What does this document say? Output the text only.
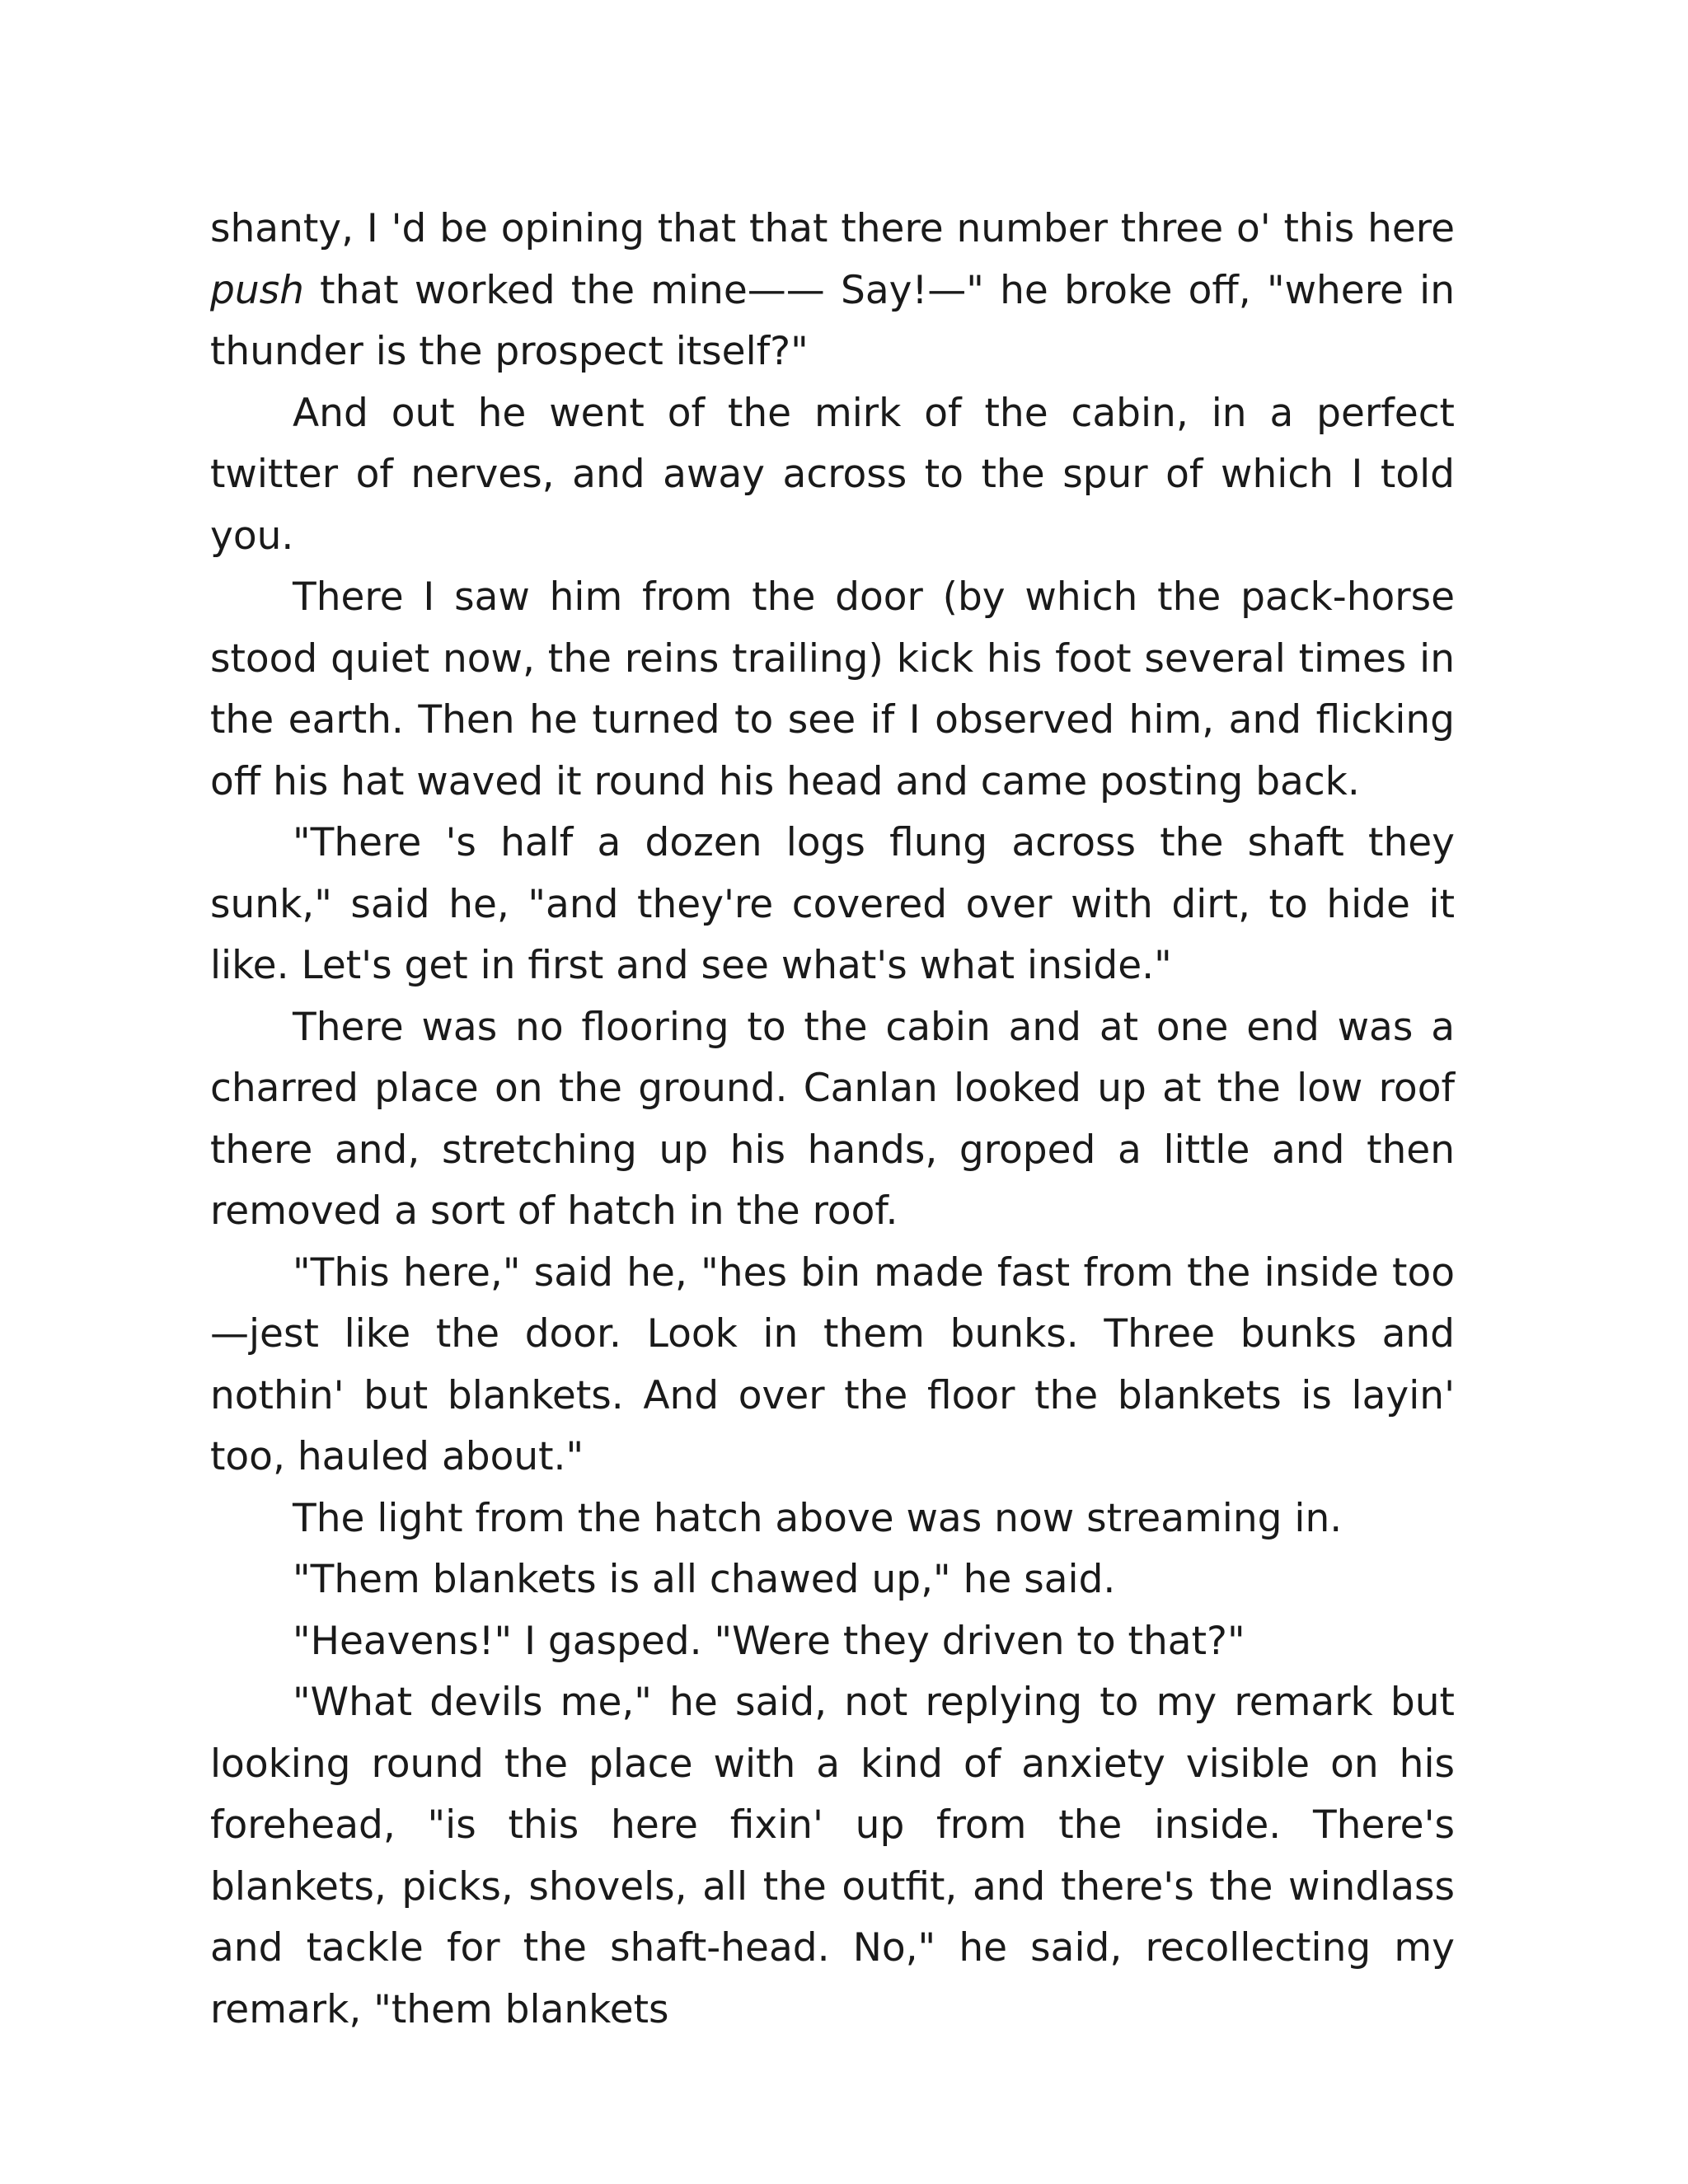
shanty, I 'd be opining that that there number three o' this here push that worked the mine—— Say!—" he broke off, "where in thunder is the prospect itself?"

And out he went of the mirk of the cabin, in a perfect twitter of nerves, and away across to the spur of which I told you.

There I saw him from the door (by which the pack-horse stood quiet now, the reins trailing) kick his foot several times in the earth. Then he turned to see if I observed him, and flicking off his hat waved it round his head and came posting back.

"There 's half a dozen logs flung across the shaft they sunk," said he, "and they're covered over with dirt, to hide it like. Let's get in first and see what's what inside."

There was no flooring to the cabin and at one end was a charred place on the ground. Canlan looked up at the low roof there and, stretching up his hands, groped a little and then removed a sort of hatch in the roof.

"This here," said he, "hes bin made fast from the inside too—jest like the door. Look in them bunks. Three bunks and nothin' but blankets. And over the floor the blankets is layin' too, hauled about."

The light from the hatch above was now streaming in.

"Them blankets is all chawed up," he said.

"Heavens!" I gasped. "Were they driven to that?"

"What devils me," he said, not replying to my remark but looking round the place with a kind of anxiety visible on his forehead, "is this here fixin' up from the inside. There's blankets, picks, shovels, all the outfit, and there's the windlass and tackle for the shaft-head. No," he said, recollecting my remark, "them blankets
